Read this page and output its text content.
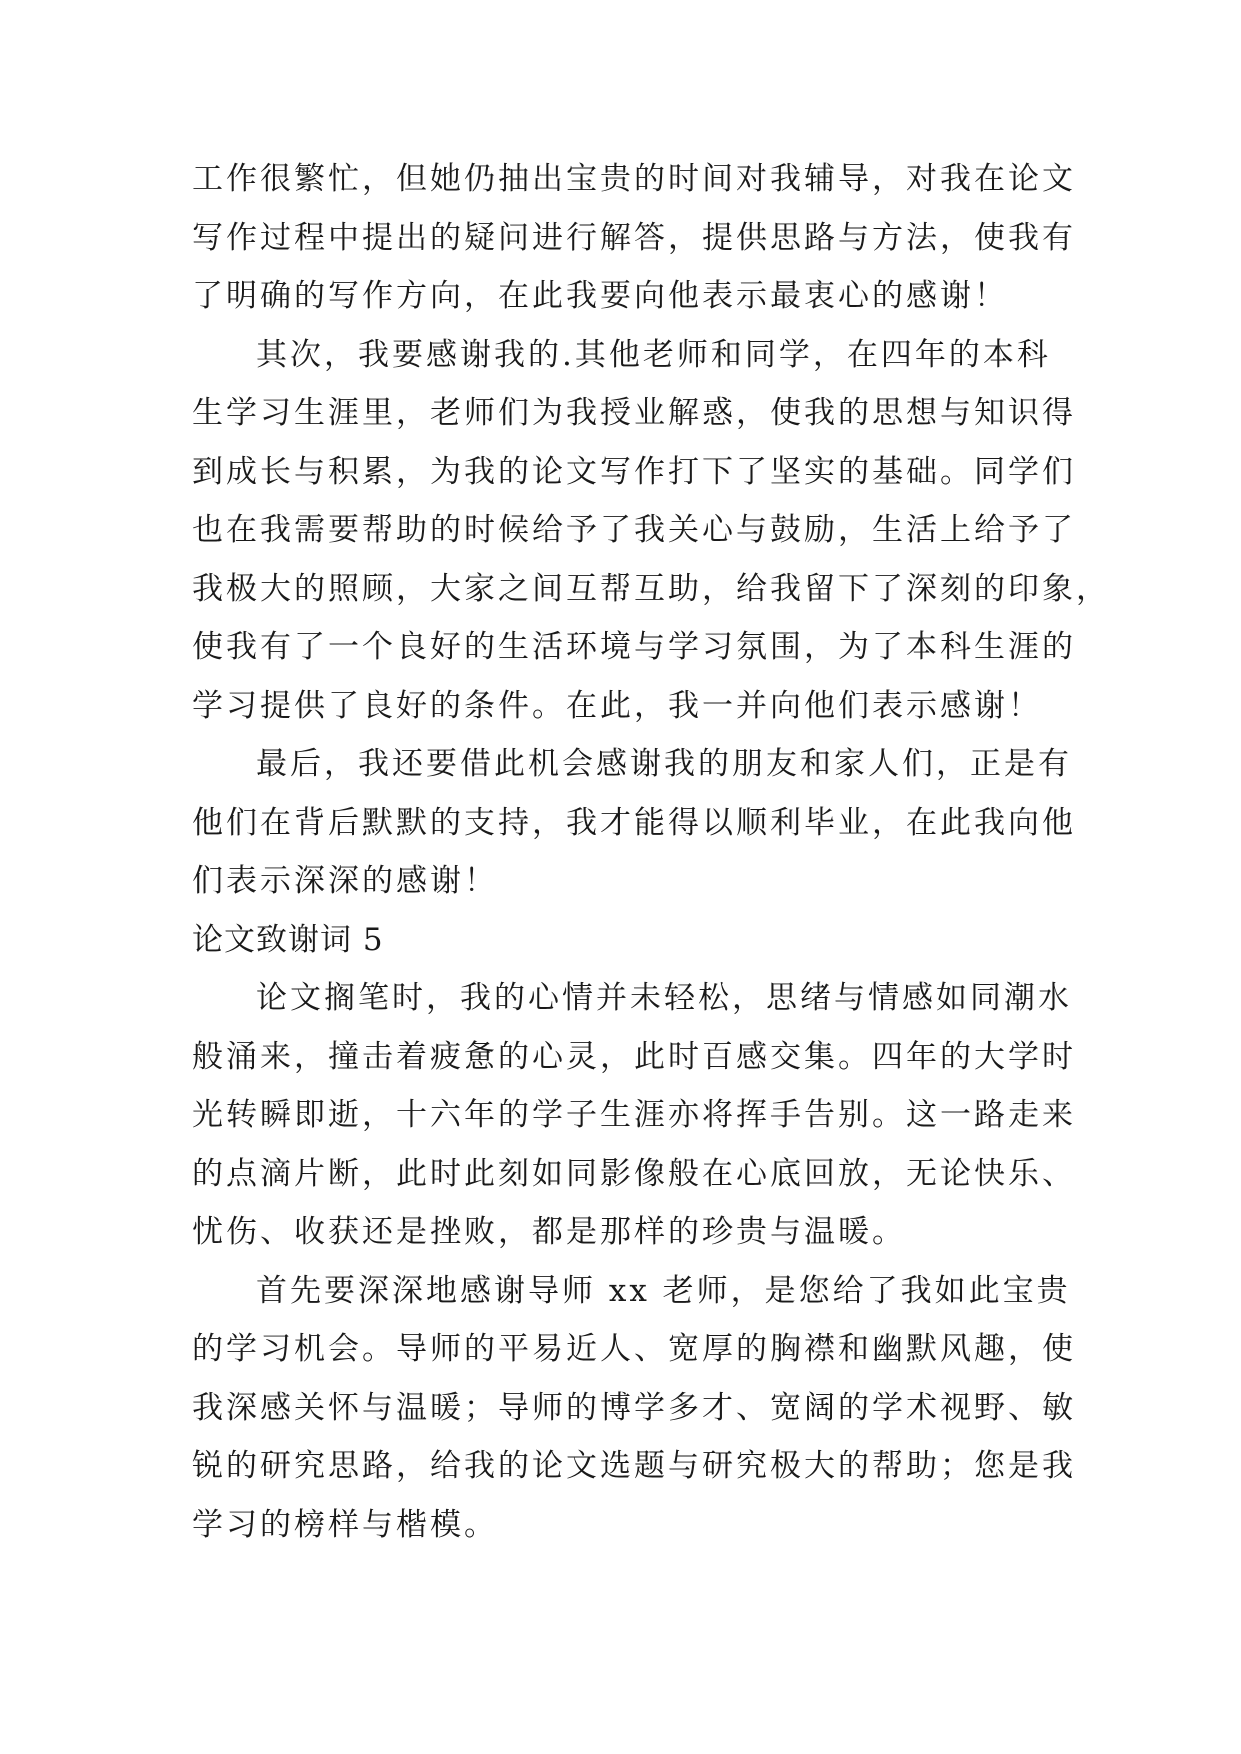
工作很繁忙，但她仍抽出宝贵的时间对我辅导，对我在论文
写作过程中提出的疑问进行解答，提供思路与方法，使我有
了明确的写作方向，在此我要向他表示最衷心的感谢！
其次，我要感谢我的.其他老师和同学，在四年的本科
生学习生涯里，老师们为我授业解惑，使我的思想与知识得
到成长与积累，为我的论文写作打下了坚实的基础。同学们
也在我需要帮助的时候给予了我关心与鼓励，生活上给予了
我极大的照顾，大家之间互帮互助，给我留下了深刻的印象，
使我有了一个良好的生活环境与学习氛围，为了本科生涯的
学习提供了良好的条件。在此，我一并向他们表示感谢！
最后，我还要借此机会感谢我的朋友和家人们，正是有
他们在背后默默的支持，我才能得以顺利毕业，在此我向他
们表示深深的感谢！
论文致谢词 5
论文搁笔时，我的心情并未轻松，思绪与情感如同潮水
般涌来，撞击着疲惫的心灵，此时百感交集。四年的大学时
光转瞬即逝，十六年的学子生涯亦将挥手告别。这一路走来
的点滴片断，此时此刻如同影像般在心底回放，无论快乐、
忧伤、收获还是挫败，都是那样的珍贵与温暖。
首先要深深地感谢导师 xx 老师，是您给了我如此宝贵
的学习机会。导师的平易近人、宽厚的胸襟和幽默风趣，使
我深感关怀与温暖；导师的博学多才、宽阔的学术视野、敏
锐的研究思路，给我的论文选题与研究极大的帮助；您是我
学习的榜样与楷模。
